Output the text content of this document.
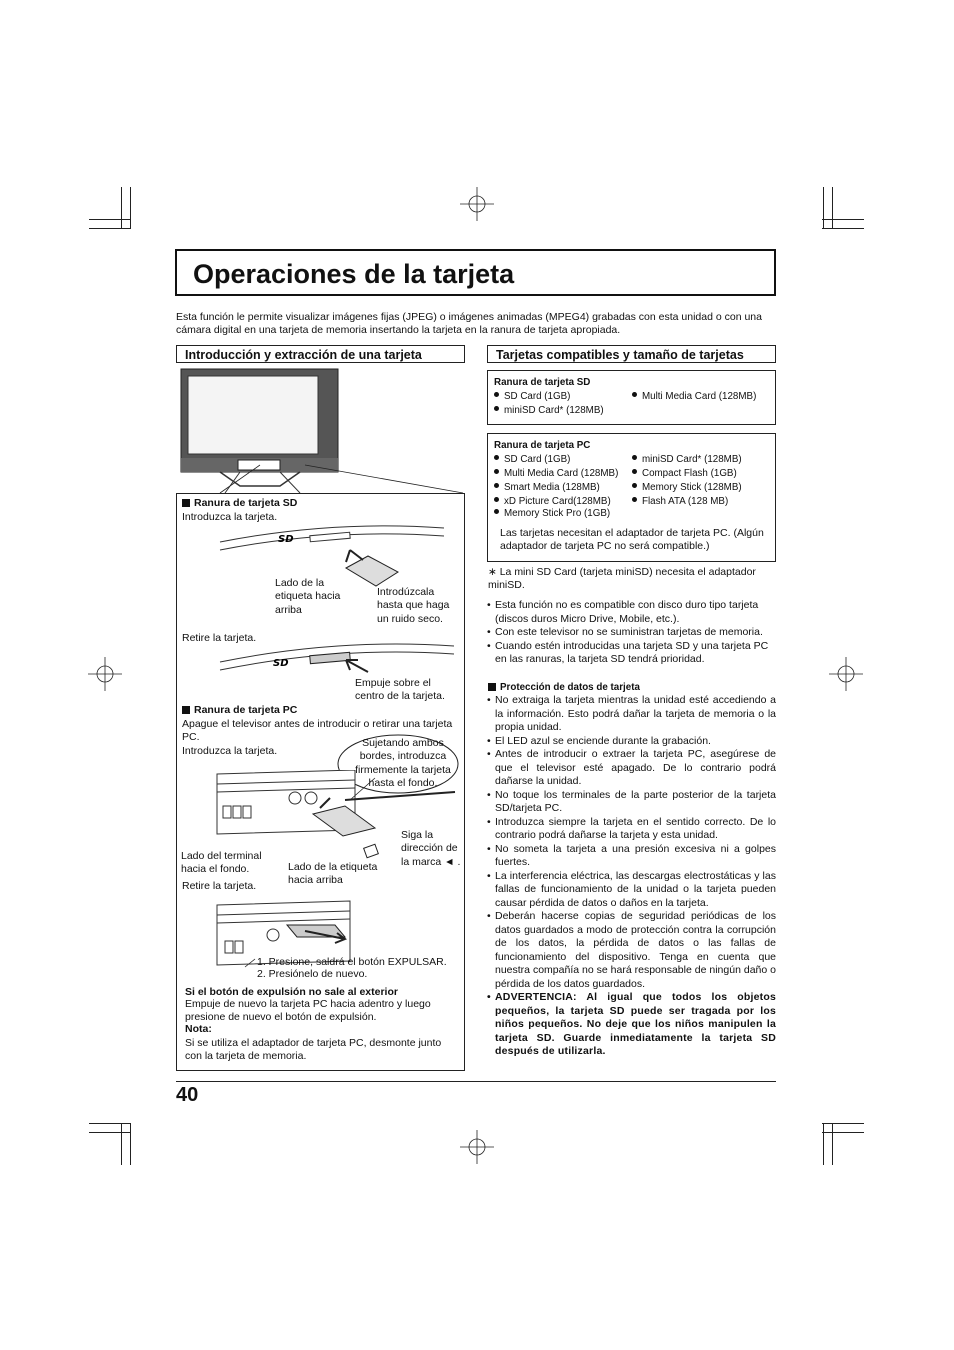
Operaciones de la tarjeta
Esta función le permite visualizar imágenes fijas (JPEG) o imágenes animadas (MPEG4) grabadas con esta unidad o con una cámara digital en una tarjeta de memoria insertando la tarjeta en la ranura de tarjeta apropiada.
Introducción y extracción de una tarjeta	Tarjetas compatibles y tamaño de tarjetas
Ranura de tarjeta SD
Introduzca la tarjeta.
SD
Lado de la etiqueta hacia arriba
Introdúzcala hasta que haga un ruido seco.
Retire la tarjeta.
SD
Empuje sobre el centro de la tarjeta.
Ranura de tarjeta PC
Apague el televisor antes de introducir o retirar una tarjeta PC.
Introduzca la tarjeta.
Sujetando ambos bordes, introduzca firmemente la tarjeta hasta el fondo.
Lado del terminal hacia el fondo.	Lado de la etiqueta hacia arriba
Siga la dirección de la marca ◄ .
Retire la tarjeta.
1. Presione, saldrá el botón EXPULSAR.
2. Presiónelo de nuevo.
Si el botón de expulsión no sale al exterior
Empuje de nuevo la tarjeta PC hacia adentro y luego presione de nuevo el botón de expulsión.
Nota:
Si se utiliza el adaptador de tarjeta PC, desmonte junto con la tarjeta de memoria.
Ranura de tarjeta SD
SD Card (1GB)
miniSD Card* (128MB)
Multi Media Card (128MB)
Ranura de tarjeta PC
SD Card (1GB)
Multi Media Card (128MB)
Smart Media (128MB)
xD Picture Card(128MB)
Memory Stick Pro (1GB)
miniSD Card* (128MB)
Compact Flash (1GB)
Memory Stick (128MB)
Flash ATA (128 MB)
Las tarjetas necesitan el adaptador de tarjeta PC. (Algún adaptador de tarjeta PC no será compatible.)
∗ La mini SD Card (tarjeta miniSD) necesita el adaptador miniSD.
• Esta función no es compatible con disco duro tipo tarjeta (discos duros Micro Drive, Mobile, etc.).
• Con este televisor no se suministran tarjetas de memoria.
• Cuando estén introducidas una tarjeta SD y una tarjeta PC en las ranuras, la tarjeta SD tendrá prioridad.
Protección de datos de tarjeta
• No extraiga la tarjeta mientras la unidad esté accediendo a la información. Esto podrá dañar la tarjeta de memoria o la propia unidad.
• El LED azul se enciende durante la grabación.
• Antes de introducir o extraer la tarjeta PC, asegúrese de que el televisor esté apagado. De lo contrario podrá dañarse la unidad.
• No toque los terminales de la parte posterior de la tarjeta SD/tarjeta PC.
• Introduzca siempre la tarjeta en el sentido correcto. De lo contrario podrá dañarse la tarjeta y esta unidad.
• No someta la tarjeta a una presión excesiva ni a golpes fuertes.
• La interferencia eléctrica, las descargas electrostáticas y las fallas de funcionamiento de la unidad o la tarjeta pueden causar pérdida de datos o daños en la tarjeta.
• Deberán hacerse copias de seguridad periódicas de los datos guardados a modo de protección contra la corrupción de los datos, la pérdida de datos o las fallas de funcionamiento del dispositivo. Tenga en cuenta que nuestra compañía no se hará responsable de ningún daño o pérdida de los datos guardados.
• ADVERTENCIA: Al igual que todos los objetos pequeños, la tarjeta SD puede ser tragada por los niños pequeños. No deje que los niños manipulen la tarjeta SD. Guarde inmediatamente la tarjeta SD después de utilizarla.
40
